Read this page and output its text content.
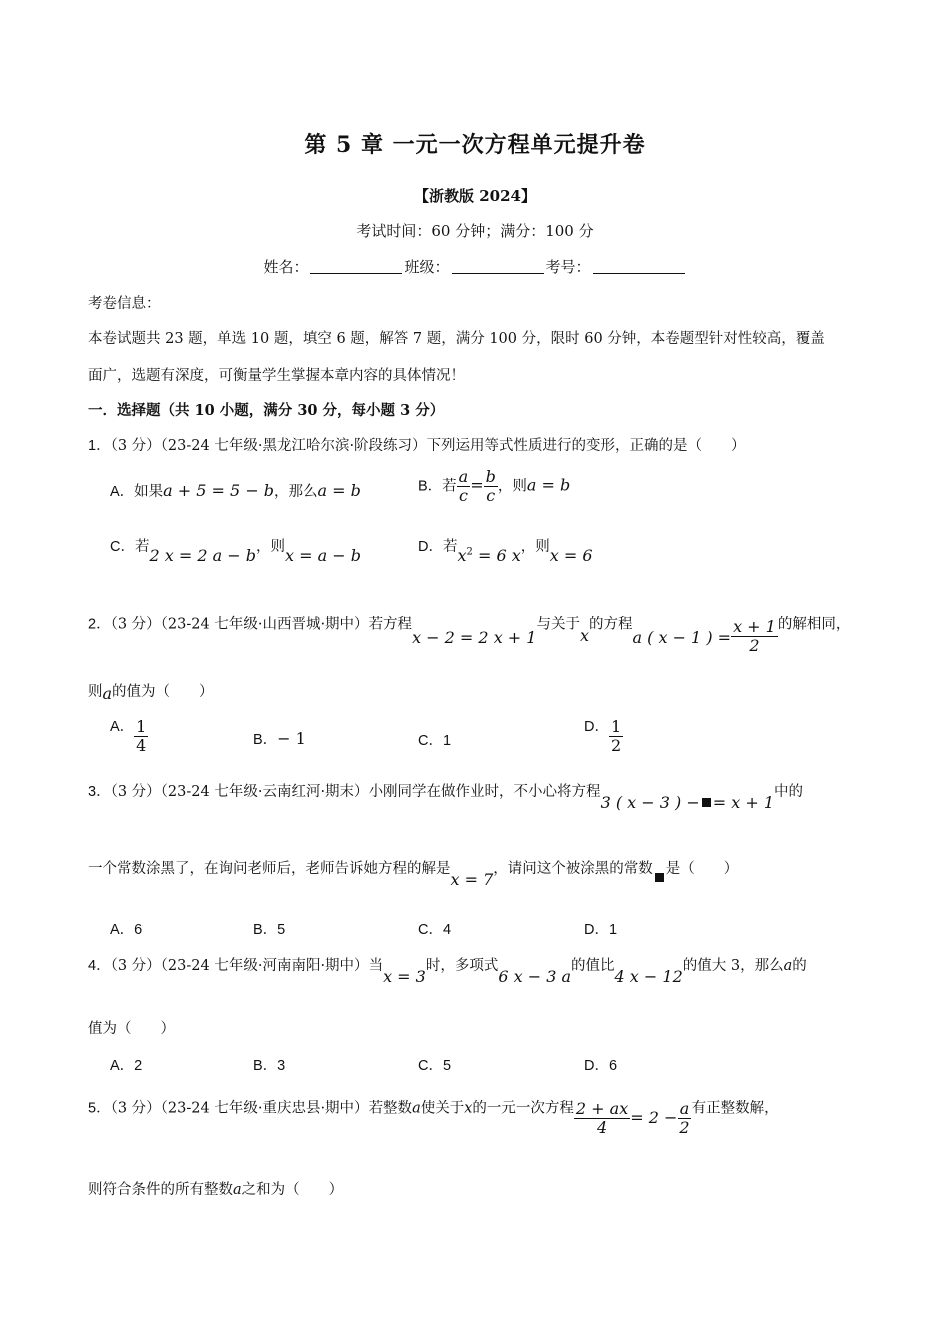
第 5 章 一元一次方程单元提升卷
【浙教版 2024】
考试时间：60 分钟；满分：100 分
姓名：	班级：	考号：
考卷信息：
本卷试题共 23 题，单选 10 题，填空 6 题，解答 7 题，满分 100 分，限时 60 分钟，本卷题型针对性较高，覆盖
面广，选题有深度，可衡量学生掌握本章内容的具体情况！
一．选择题（共 10 小题，满分 30 分，每小题 3 分）
1．（3 分）（23-24 七年级·黑龙江哈尔滨·阶段练习）下列运用等式性质进行的变形，正确的是（　　）
A．如果a + 5 = 5 − b，那么a = b	B．若 $\frac{a}{c} = \frac{b}{c}$ ，则a = b
C．若2 x = 2 a − b，则x = a − b	D．若$x^2 = 6$ x，则x = 6
2．（3 分）（23-24 七年级·山西晋城·期中）若方程x − 2 = 2 x + 1与关于x的方程a ( x − 1 ) = $\frac{x + 1}{2}$ 的解相同，
则a的值为（　　）
A． $\frac{1}{4}$	B．− 1	C．1
D． $\frac{1}{2}$
3．（3 分）（23-24 七年级·云南红河·期末）小刚同学在做作业时，不小心将方程3 ( x − 3 ) − = x + 1中的
一个常数涂黑了，在询问老师后，老师告诉她方程的解是x = 7，请问这个被涂黑的常数 是（　　）
A．6	B．5	C．4	D．1
4．（3 分）（23-24 七年级·河南南阳·期中）当x = 3时，多项式6 x − 3 a的值比4 x − 12的值大 3，那么a的
值为（　　）
A．2	B．3	C．5	D．6
5．（3 分）（23-24 七年级·重庆忠县·期中）若整数a使关于x的一元一次方程 $\frac{2 + ax}{4} = 2 - \frac{a}{2}$ 有正整数解，
则符合条件的所有整数a之和为（　　）
